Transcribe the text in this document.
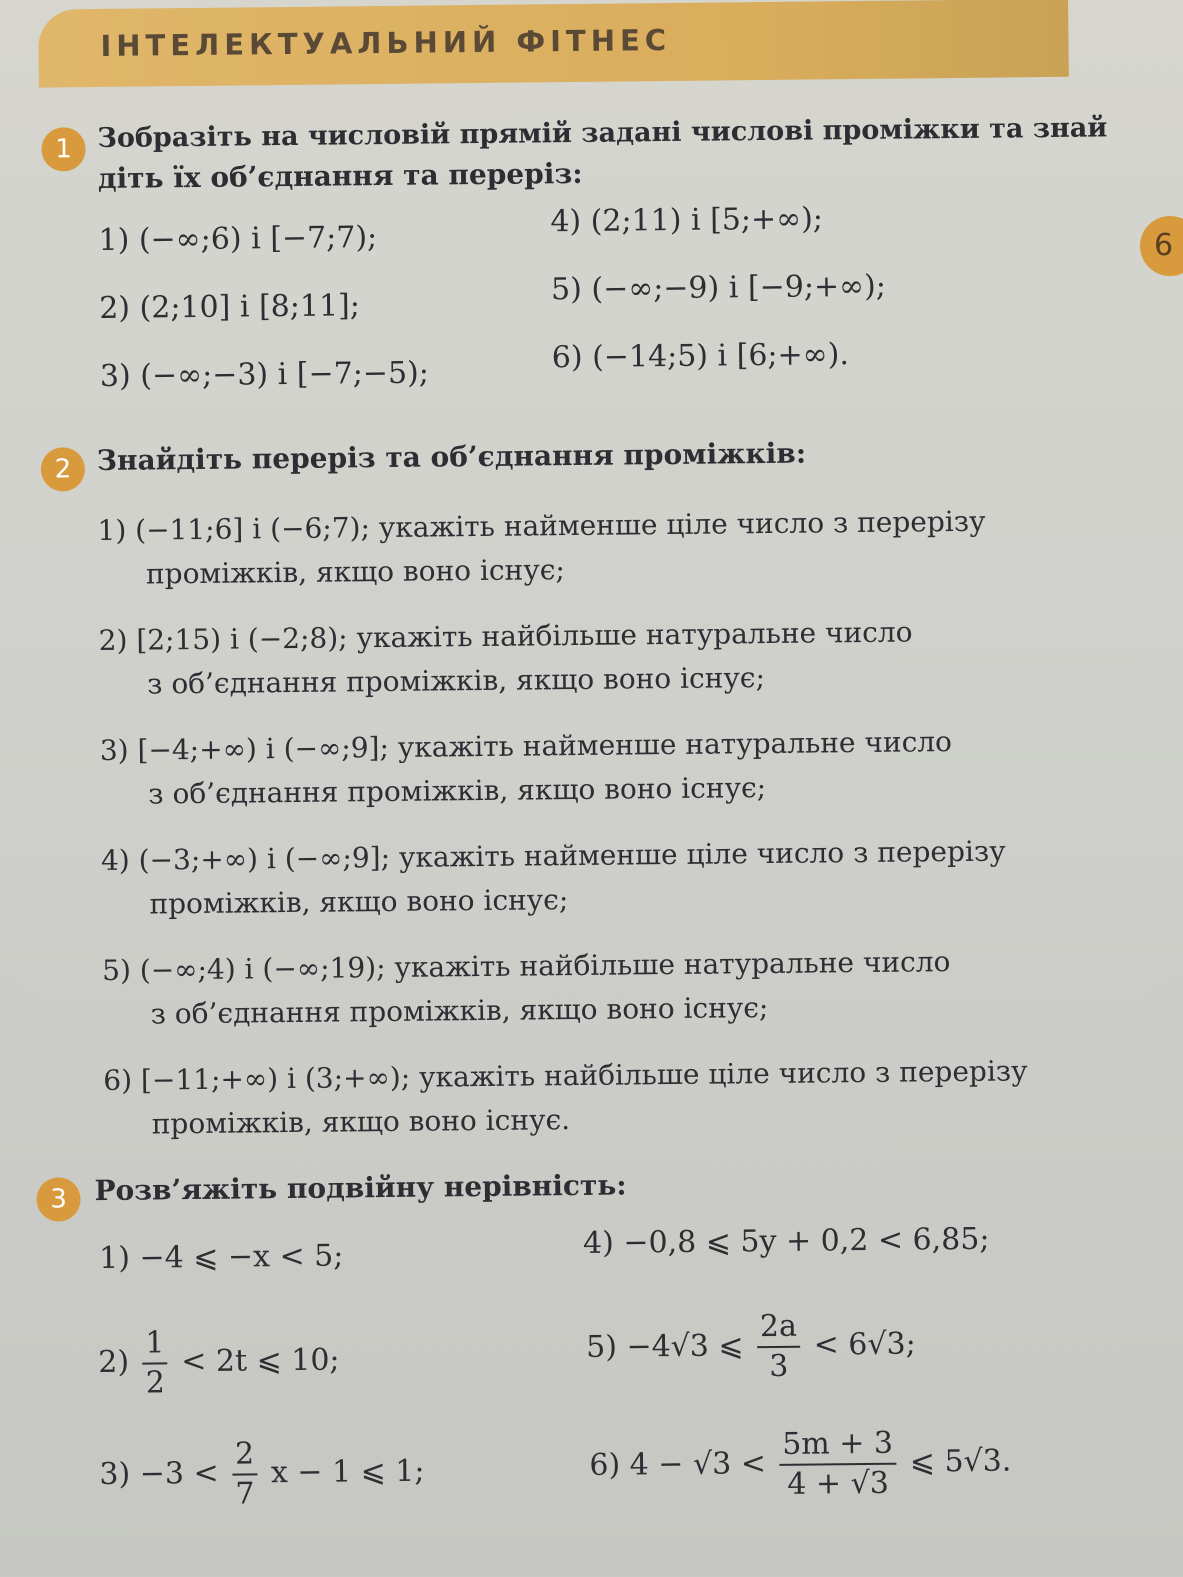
ІНТЕЛЕКТУАЛЬНИЙ ФІТНЕС
1 Зобразіть на числовій прямій задані числові проміжки та знай
діть їх об’єднання та переріз:
1) (−∞;6) і [−7;7);
2) (2;10] і [8;11];
3) (−∞;−3) і [−7;−5);
4) (2;11) і [5;+∞);
5) (−∞;−9) і [−9;+∞);
6) (−14;5) і [6;+∞).
2 Знайдіть переріз та об’єднання проміжків:
1) (−11;6] і (−6;7); укажіть найменше ціле число з перерізу
проміжків, якщо воно існує;
2) [2;15) і (−2;8); укажіть найбільше натуральне число
з об’єднання проміжків, якщо воно існує;
3) [−4;+∞) і (−∞;9]; укажіть найменше натуральне число
з об’єднання проміжків, якщо воно існує;
4) (−3;+∞) і (−∞;9]; укажіть найменше ціле число з перерізу
проміжків, якщо воно існує;
5) (−∞;4) і (−∞;19); укажіть найбільше натуральне число
з об’єднання проміжків, якщо воно існує;
6) [−11;+∞) і (3;+∞); укажіть найбільше ціле число з перерізу
проміжків, якщо воно існує.
3 Розв’яжіть подвійну нерівність:
1) −4 ⩽ −x < 5;	4) −0,8 ⩽ 5y + 0,2 < 6,85;
$2) \frac{1}{2} < 2t$ ⩽ 10;	5) −4√3 ⩽ $\frac{2a}{3} < 6√3$;
$3) -3 < \frac{2}{7}$ x − 1 ⩽ 1;	6) $4 - √3 < \frac{5m + 3}{4 + √3}$ ⩽ 5√3.
6
